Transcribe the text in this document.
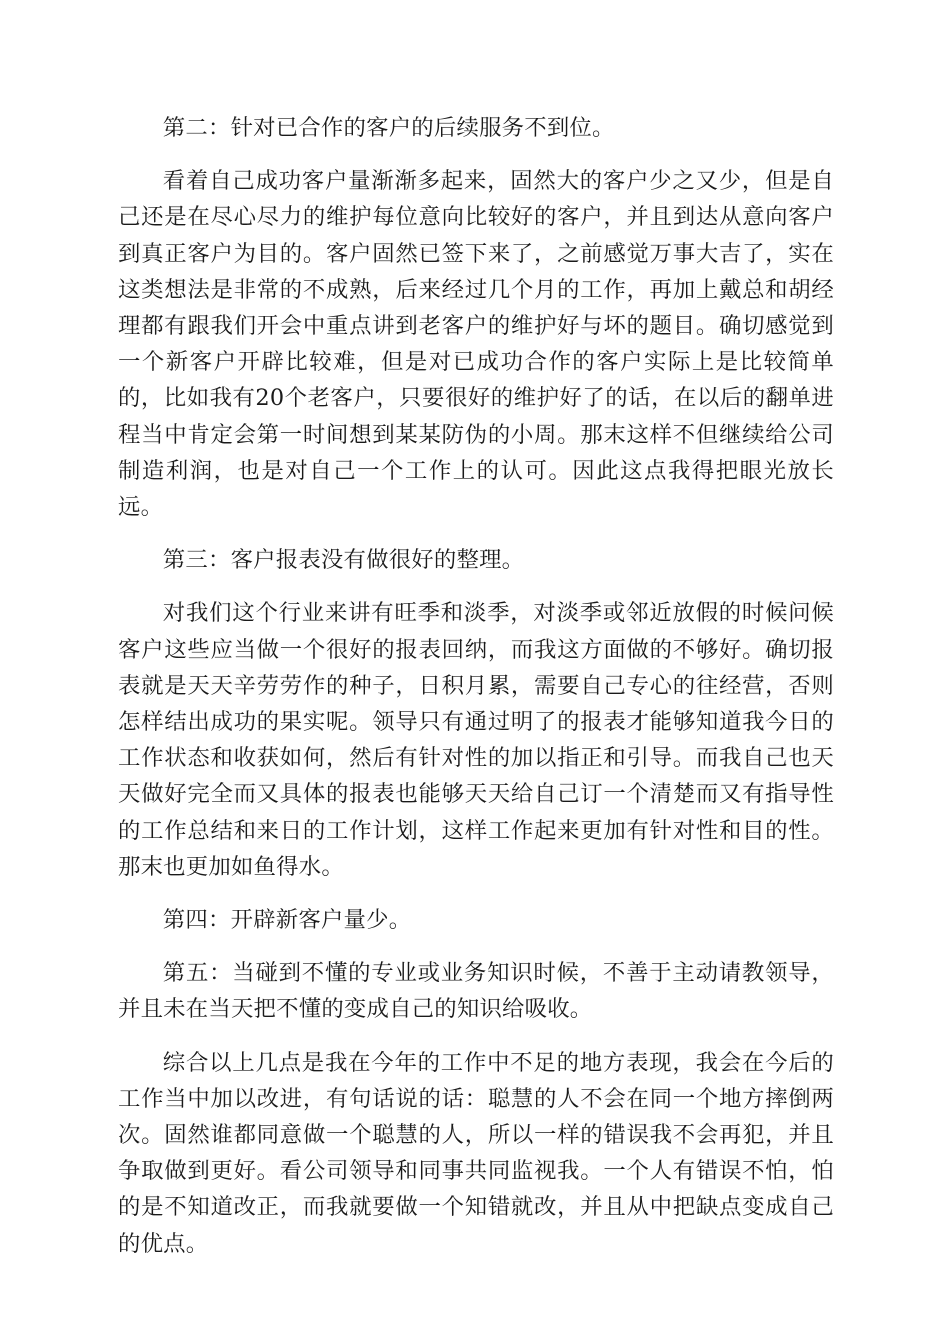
第二：针对已合作的客户的后续服务不到位。

看着自己成功客户量渐渐多起来，固然大的客户少之又少，但是自己还是在尽心尽力的维护每位意向比较好的客户，并且到达从意向客户到真正客户为目的。客户固然已签下来了，之前感觉万事大吉了，实在这类想法是非常的不成熟，后来经过几个月的工作，再加上戴总和胡经理都有跟我们开会中重点讲到老客户的维护好与坏的题目。确切感觉到一个新客户开辟比较难，但是对已成功合作的客户实际上是比较简单的，比如我有20个老客户，只要很好的维护好了的话，在以后的翻单进程当中肯定会第一时间想到某某防伪的小周。那末这样不但继续给公司制造利润，也是对自己一个工作上的认可。因此这点我得把眼光放长远。

第三：客户报表没有做很好的整理。

对我们这个行业来讲有旺季和淡季，对淡季或邻近放假的时候问候客户这些应当做一个很好的报表回纳，而我这方面做的不够好。确切报表就是天天辛劳劳作的种子，日积月累，需要自己专心的往经营，否则怎样结出成功的果实呢。领导只有通过明了的报表才能够知道我今日的工作状态和收获如何，然后有针对性的加以指正和引导。而我自己也天天做好完全而又具体的报表也能够天天给自己订一个清楚而又有指导性的工作总结和来日的工作计划，这样工作起来更加有针对性和目的性。那末也更加如鱼得水。

第四：开辟新客户量少。

第五：当碰到不懂的专业或业务知识时候，不善于主动请教领导，并且未在当天把不懂的变成自己的知识给吸收。

综合以上几点是我在今年的工作中不足的地方表现，我会在今后的工作当中加以改进，有句话说的话：聪慧的人不会在同一个地方摔倒两次。固然谁都同意做一个聪慧的人，所以一样的错误我不会再犯，并且争取做到更好。看公司领导和同事共同监视我。一个人有错误不怕，怕的是不知道改正，而我就要做一个知错就改，并且从中把缺点变成自己的优点。
